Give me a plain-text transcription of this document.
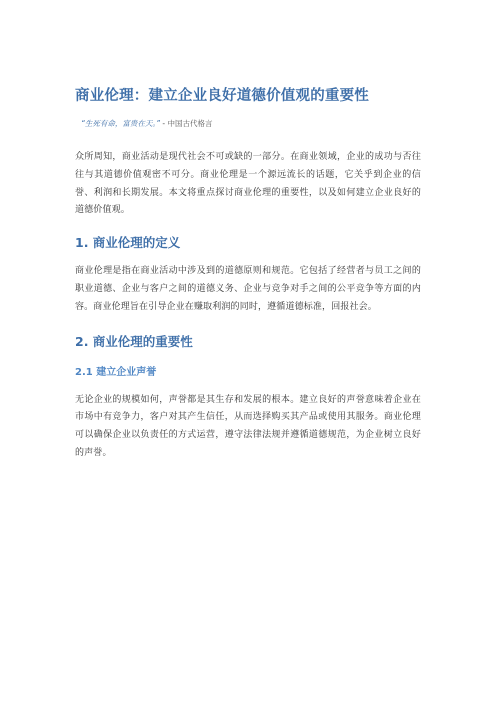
商业伦理：建立企业良好道德价值观的重要性
“生死有命，富贵在天。” - 中国古代格言

众所周知，商业活动是现代社会不可或缺的一部分。在商业领域，企业的成功与否往往与其道德价值观密不可分。商业伦理是一个源远流长的话题，它关乎到企业的信誉、利润和长期发展。本文将重点探讨商业伦理的重要性，以及如何建立企业良好的道德价值观。

1. 商业伦理的定义

商业伦理是指在商业活动中涉及到的道德原则和规范。它包括了经营者与员工之间的职业道德、企业与客户之间的道德义务、企业与竞争对手之间的公平竞争等方面的内容。商业伦理旨在引导企业在赚取利润的同时，遵循道德标准，回报社会。

2. 商业伦理的重要性
2.1 建立企业声誉

无论企业的规模如何，声誉都是其生存和发展的根本。建立良好的声誉意味着企业在市场中有竞争力，客户对其产生信任，从而选择购买其产品或使用其服务。商业伦理可以确保企业以负责任的方式运营，遵守法律法规并遵循道德规范，为企业树立良好的声誉。
